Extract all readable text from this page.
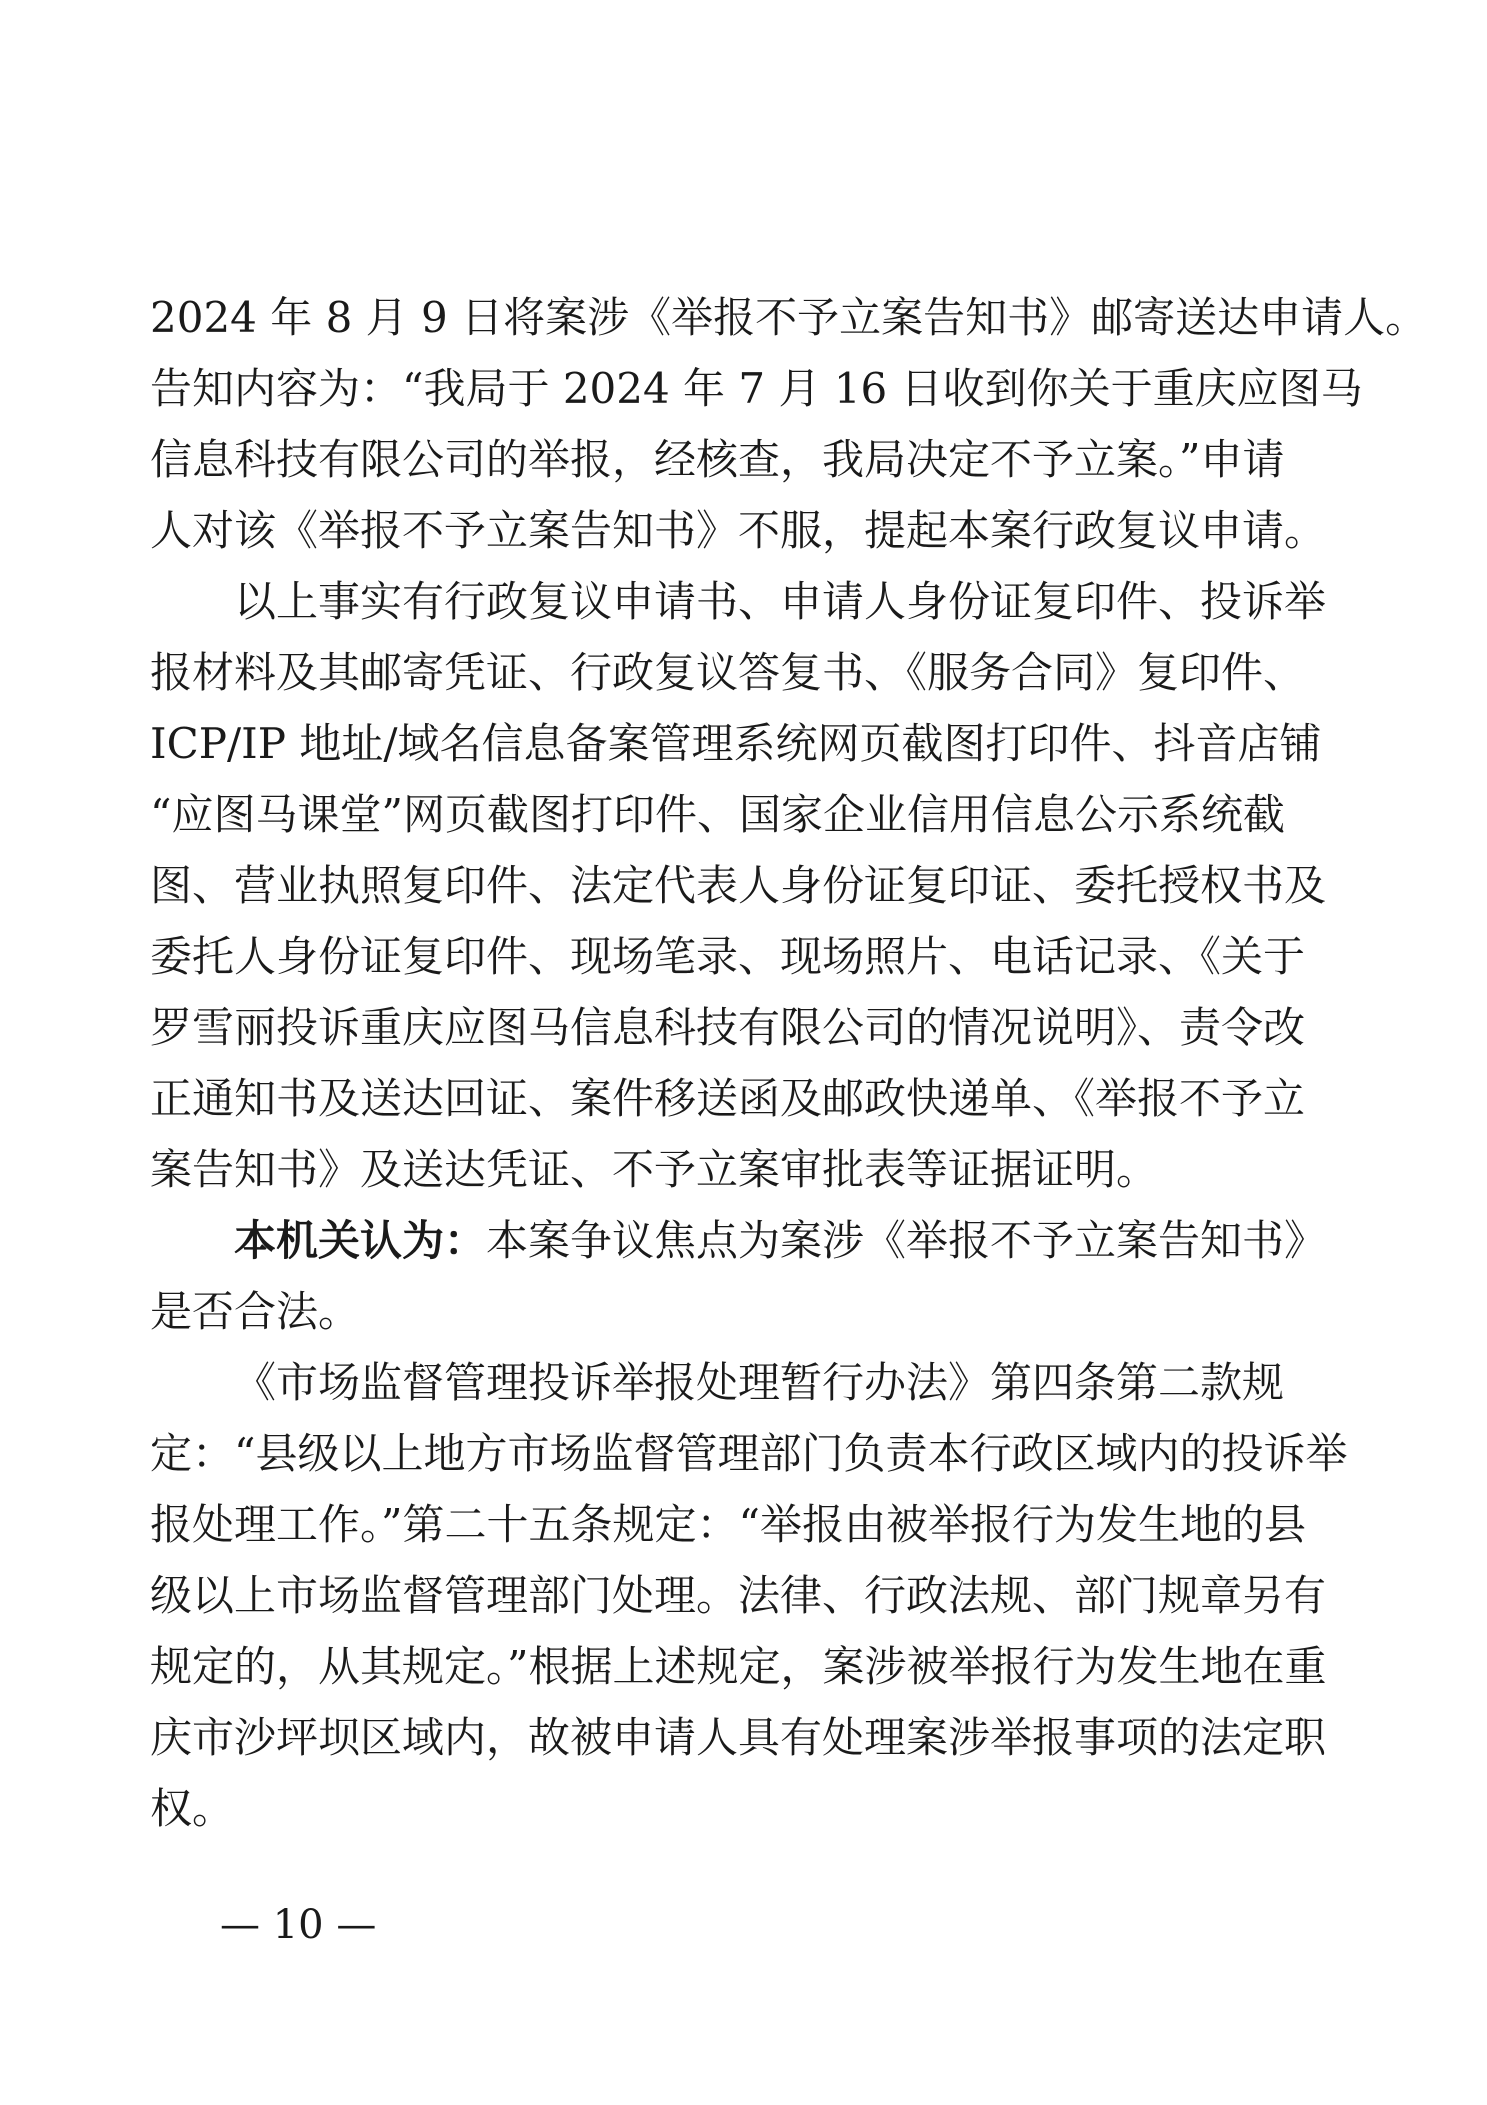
2024 年 8 月 9 日将案涉《举报不予立案告知书》邮寄送达申请人。
告知内容为：“我局于 2024 年 7 月 16 日收到你关于重庆应图马
信息科技有限公司的举报，经核查，我局决定不予立案。”申请
人对该《举报不予立案告知书》不服，提起本案行政复议申请。
以上事实有行政复议申请书、申请人身份证复印件、投诉举
报材料及其邮寄凭证、行政复议答复书、《服务合同》复印件、
ICP/IP 地址/域名信息备案管理系统网页截图打印件、抖音店铺
“应图马课堂”网页截图打印件、国家企业信用信息公示系统截
图、营业执照复印件、法定代表人身份证复印证、委托授权书及
委托人身份证复印件、现场笔录、现场照片、电话记录、《关于
罗雪丽投诉重庆应图马信息科技有限公司的情况说明》、责令改
正通知书及送达回证、案件移送函及邮政快递单、《举报不予立
案告知书》及送达凭证、不予立案审批表等证据证明。
本机关认为：本案争议焦点为案涉《举报不予立案告知书》
是否合法。
《市场监督管理投诉举报处理暂行办法》第四条第二款规
定：“县级以上地方市场监督管理部门负责本行政区域内的投诉举
报处理工作。”第二十五条规定：“举报由被举报行为发生地的县
级以上市场监督管理部门处理。法律、行政法规、部门规章另有
规定的，从其规定。”根据上述规定，案涉被举报行为发生地在重
庆市沙坪坝区域内，故被申请人具有处理案涉举报事项的法定职
权。
— 10 —
